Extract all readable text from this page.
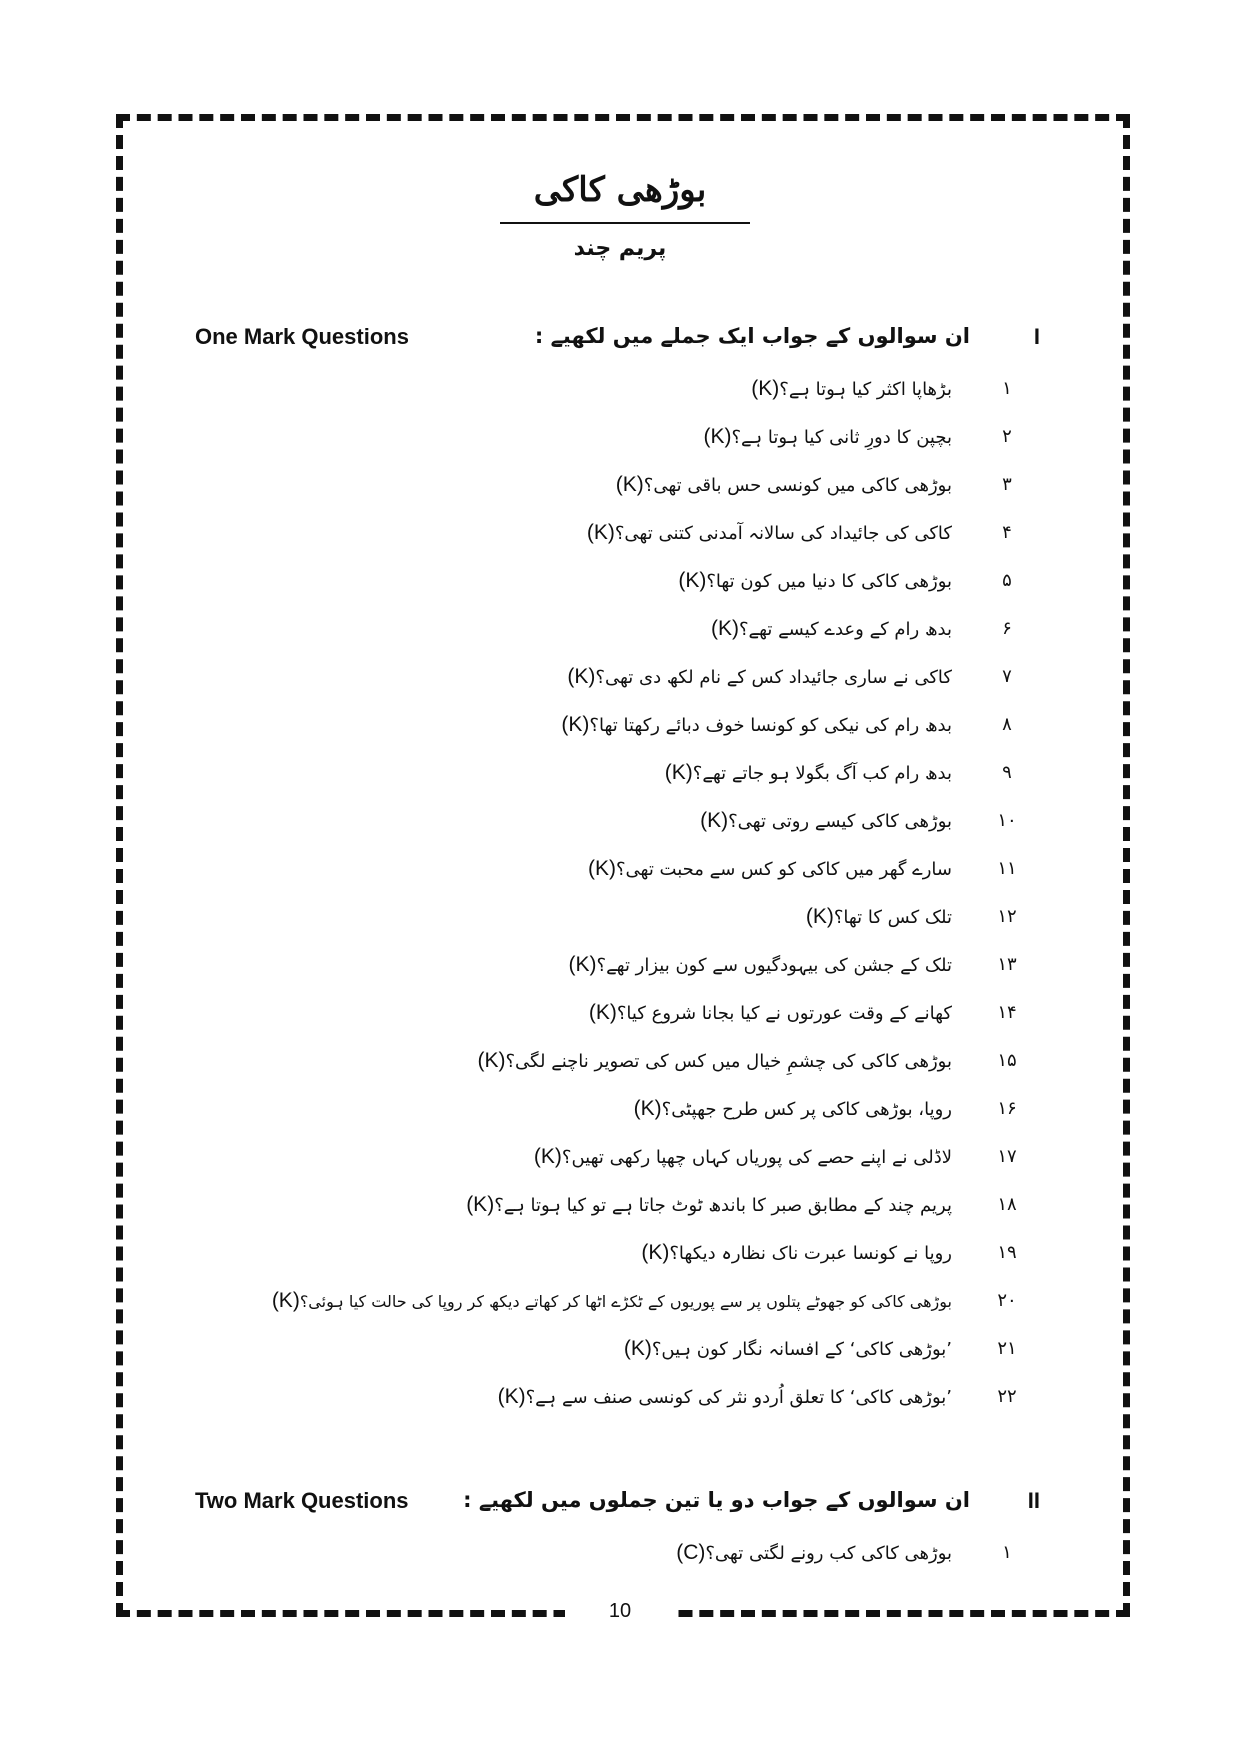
10
بوڑھی کاکی
پریم چند
I
ان سوالوں کے جواب ایک جملے میں لکھیے :
One Mark Questions
۱
بڑھاپا اکثر کیا ہوتا ہے؟(K)
۲
بچپن کا دورِ ثانی کیا ہوتا ہے؟(K)
۳
بوڑھی کاکی میں کونسی حس باقی تھی؟(K)
۴
کاکی کی جائیداد کی سالانہ آمدنی کتنی تھی؟(K)
۵
بوڑھی کاکی کا دنیا میں کون تھا؟(K)
۶
بدھ رام کے وعدے کیسے تھے؟(K)
۷
کاکی نے ساری جائیداد کس کے نام لکھ دی تھی؟(K)
۸
بدھ رام کی نیکی کو کونسا خوف دبائے رکھتا تھا؟(K)
۹
بدھ رام کب آگ بگولا ہو جاتے تھے؟(K)
۱۰
بوڑھی کاکی کیسے روتی تھی؟(K)
۱۱
سارے گھر میں کاکی کو کس سے محبت تھی؟(K)
۱۲
تلک کس کا تھا؟(K)
۱۳
تلک کے جشن کی بیہودگیوں سے کون بیزار تھے؟(K)
۱۴
کھانے کے وقت عورتوں نے کیا بجانا شروع کیا؟(K)
۱۵
بوڑھی کاکی کی چشمِ خیال میں کس کی تصویر ناچنے لگی؟(K)
۱۶
روپا، بوڑھی کاکی پر کس طرح جھپٹی؟(K)
۱۷
لاڈلی نے اپنے حصے کی پوریاں کہاں چھپا رکھی تھیں؟(K)
۱۸
پریم چند کے مطابق صبر کا باندھ ٹوٹ جاتا ہے تو کیا ہوتا ہے؟(K)
۱۹
روپا نے کونسا عبرت ناک نظارہ دیکھا؟(K)
۲۰
بوڑھی کاکی کو جھوٹے پتلوں پر سے پوریوں کے ٹکڑے اٹھا کر کھاتے دیکھ کر روپا کی حالت کیا ہوئی؟(K)
۲۱
’بوڑھی کاکی‘ کے افسانہ نگار کون ہیں؟(K)
۲۲
’بوڑھی کاکی‘ کا تعلق اُردو نثر کی کونسی صنف سے ہے؟(K)
II
ان سوالوں کے جواب دو یا تین جملوں میں لکھیے :
Two Mark Questions
۱
بوڑھی کاکی کب رونے لگتی تھی؟(C)
